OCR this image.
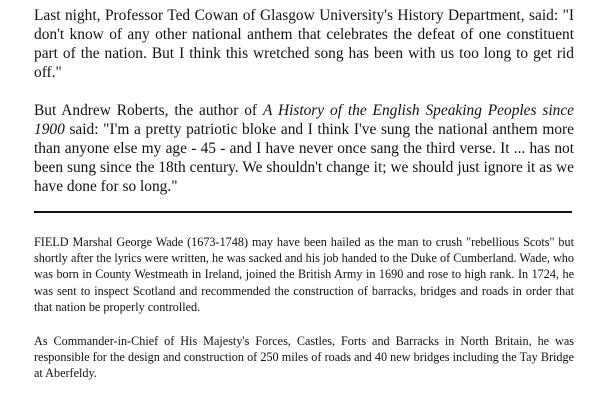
Last night, Professor Ted Cowan of Glasgow University's History Department, said: "I don't know of any other national anthem that celebrates the defeat of one constituent part of the nation. But I think this wretched song has been with us too long to get rid off."

But Andrew Roberts, the author of A History of the English Speaking Peoples since 1900 said: "I'm a pretty patriotic bloke and I think I've sung the national anthem more than anyone else my age - 45 - and I have never once sang the third verse. It ... has not been sung since the 18th century. We shouldn't change it; we should just ignore it as we have done for so long."

FIELD Marshal George Wade (1673-1748) may have been hailed as the man to crush "rebellious Scots" but shortly after the lyrics were written, he was sacked and his job handed to the Duke of Cumberland. Wade, who was born in County Westmeath in Ireland, joined the British Army in 1690 and rose to high rank. In 1724, he was sent to inspect Scotland and recommended the construction of barracks, bridges and roads in order that that nation be properly controlled.

As Commander-in-Chief of His Majesty's Forces, Castles, Forts and Barracks in North Britain, he was responsible for the design and construction of 250 miles of roads and 40 new bridges including the Tay Bridge at Aberfeldy.
